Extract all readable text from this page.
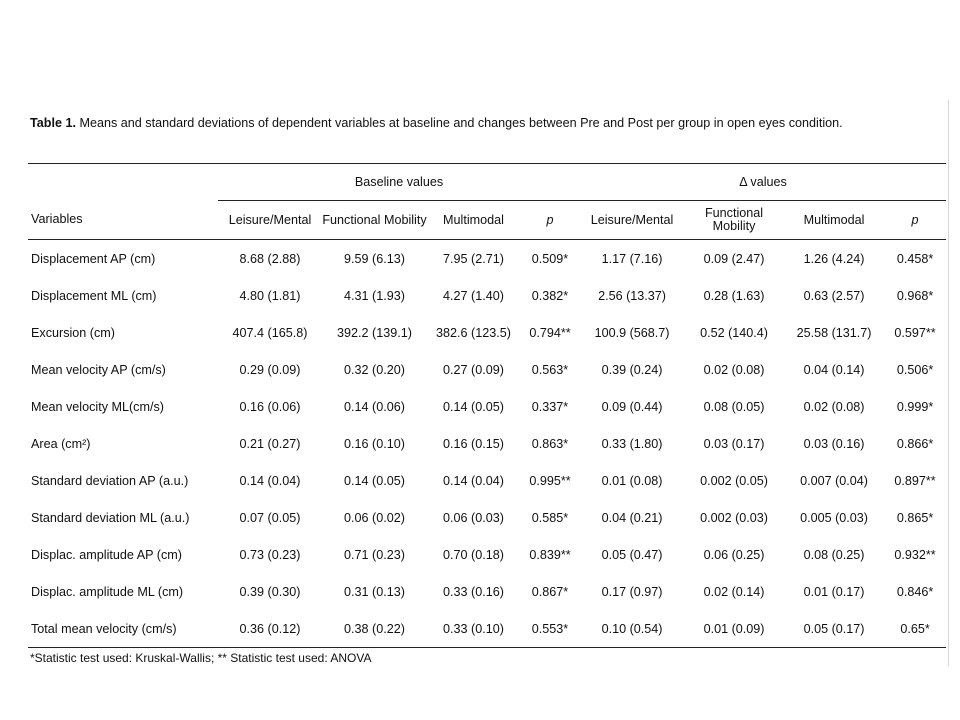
Table 1. Means and standard deviations of dependent variables at baseline and changes between Pre and Post per group in open eyes condition.
	Baseline values				Δ values			
Variables	Leisure/Mental	Functional Mobility	Multimodal	p	Leisure/Mental	Functional Mobility	Multimodal	p
Displacement AP (cm)	8.68 (2.88)	9.59 (6.13)	7.95 (2.71)	0.509*	1.17 (7.16)	0.09 (2.47)	1.26 (4.24)	0.458*
Displacement ML (cm)	4.80 (1.81)	4.31 (1.93)	4.27 (1.40)	0.382*	2.56 (13.37)	0.28 (1.63)	0.63 (2.57)	0.968*
Excursion (cm)	407.4 (165.8)	392.2 (139.1)	382.6 (123.5)	0.794**	100.9 (568.7)	0.52 (140.4)	25.58 (131.7)	0.597**
Mean velocity AP (cm/s)	0.29 (0.09)	0.32 (0.20)	0.27 (0.09)	0.563*	0.39 (0.24)	0.02 (0.08)	0.04 (0.14)	0.506*
Mean velocity ML(cm/s)	0.16 (0.06)	0.14 (0.06)	0.14 (0.05)	0.337*	0.09 (0.44)	0.08 (0.05)	0.02 (0.08)	0.999*
Area (cm²)	0.21 (0.27)	0.16 (0.10)	0.16 (0.15)	0.863*	0.33 (1.80)	0.03 (0.17)	0.03 (0.16)	0.866*
Standard deviation AP (a.u.)	0.14 (0.04)	0.14 (0.05)	0.14 (0.04)	0.995**	0.01 (0.08)	0.002 (0.05)	0.007 (0.04)	0.897**
Standard deviation ML (a.u.)	0.07 (0.05)	0.06 (0.02)	0.06 (0.03)	0.585*	0.04 (0.21)	0.002 (0.03)	0.005 (0.03)	0.865*
Displac. amplitude AP (cm)	0.73 (0.23)	0.71 (0.23)	0.70 (0.18)	0.839**	0.05 (0.47)	0.06 (0.25)	0.08 (0.25)	0.932**
Displac. amplitude ML (cm)	0.39 (0.30)	0.31 (0.13)	0.33 (0.16)	0.867*	0.17 (0.97)	0.02 (0.14)	0.01 (0.17)	0.846*
Total mean velocity (cm/s)	0.36 (0.12)	0.38 (0.22)	0.33 (0.10)	0.553*	0.10 (0.54)	0.01 (0.09)	0.05 (0.17)	0.65*
*Statistic test used: Kruskal-Wallis; ** Statistic test used: ANOVA
